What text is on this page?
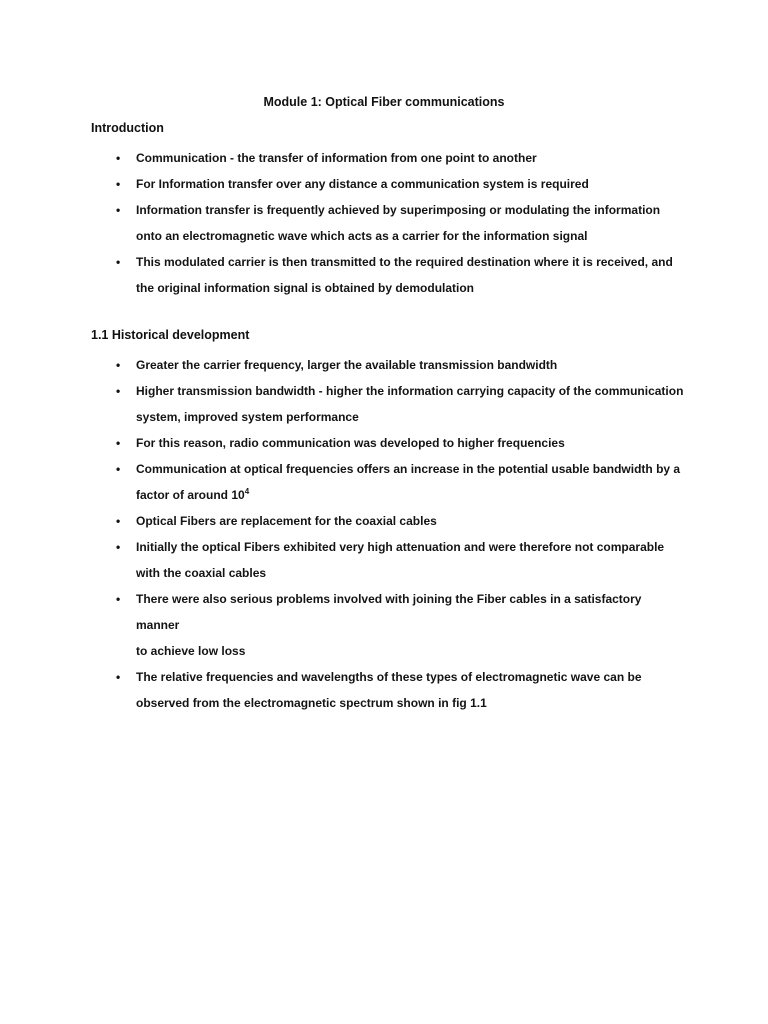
Module 1: Optical Fiber communications
Introduction
• Communication - the transfer of information from one point to another
• For Information transfer over any distance a communication system is required
• Information transfer is frequently achieved by superimposing or modulating the information
onto an electromagnetic wave which acts as a carrier for the information signal
• This modulated carrier is then transmitted to the required destination where it is received, and
the original information signal is obtained by demodulation
1.1 Historical development
• Greater the carrier frequency, larger the available transmission bandwidth
• Higher transmission bandwidth - higher the information carrying capacity of the communication
system, improved system performance
• For this reason, radio communication was developed to higher frequencies
• Communication at optical frequencies offers an increase in the potential usable bandwidth by a
factor of around $10^4$
• Optical Fibers are replacement for the coaxial cables
• Initially the optical Fibers exhibited very high attenuation and were therefore not comparable
with the coaxial cables
• There were also serious problems involved with joining the Fiber cables in a satisfactory manner
to achieve low loss
• The relative frequencies and wavelengths of these types of electromagnetic wave can be
observed from the electromagnetic spectrum shown in fig 1.1
